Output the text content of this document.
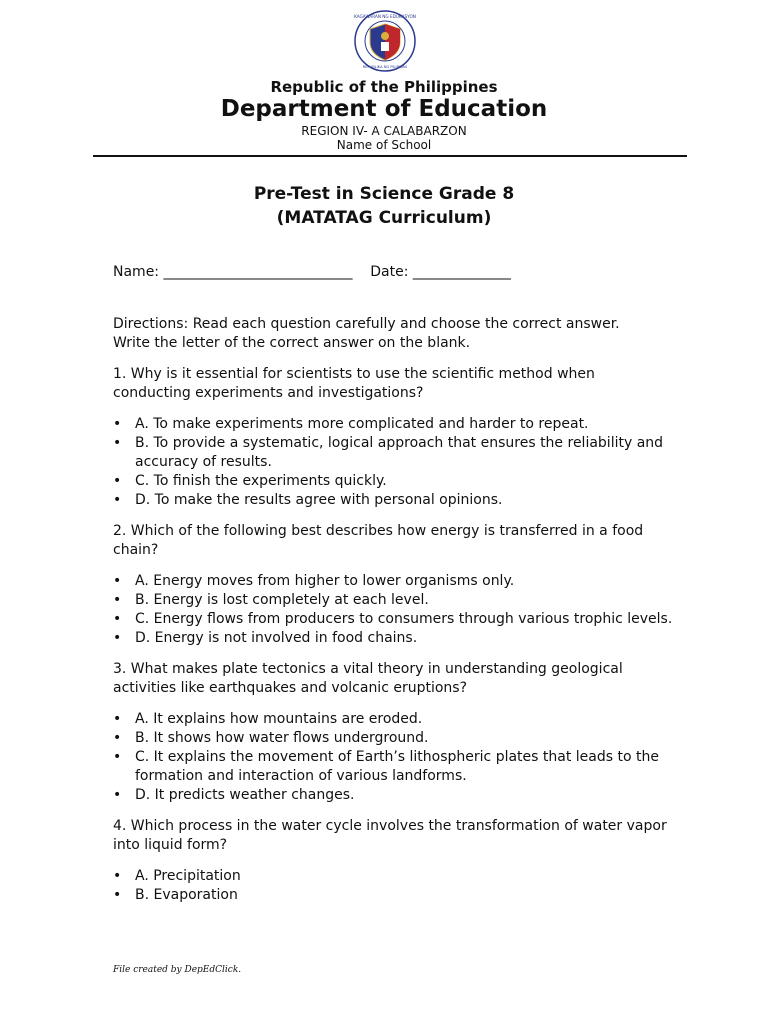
KAGAWARAN NG EDUKASYON
REPUBLIKA NG PILIPINAS
Republic of the Philippines
Department of Education
REGION IV- A CALABARZON
Name of School
Pre-Test in Science Grade 8
(MATATAG Curriculum)
Name: ___________________________    Date: ______________
Directions: Read each question carefully and choose the correct answer.
Write the letter of the correct answer on the blank.
1. Why is it essential for scientists to use the scientific method when conducting experiments and investigations?
• A. To make experiments more complicated and harder to repeat.
• B. To provide a systematic, logical approach that ensures the reliability and accuracy of results.
• C. To finish the experiments quickly.
• D. To make the results agree with personal opinions.
2. Which of the following best describes how energy is transferred in a food chain?
• A. Energy moves from higher to lower organisms only.
• B. Energy is lost completely at each level.
• C. Energy flows from producers to consumers through various trophic levels.
• D. Energy is not involved in food chains.
3. What makes plate tectonics a vital theory in understanding geological activities like earthquakes and volcanic eruptions?
• A. It explains how mountains are eroded.
• B. It shows how water flows underground.
• C. It explains the movement of Earth’s lithospheric plates that leads to the formation and interaction of various landforms.
• D. It predicts weather changes.
4. Which process in the water cycle involves the transformation of water vapor into liquid form?
• A. Precipitation
• B. Evaporation
File created by DepEdClick.
